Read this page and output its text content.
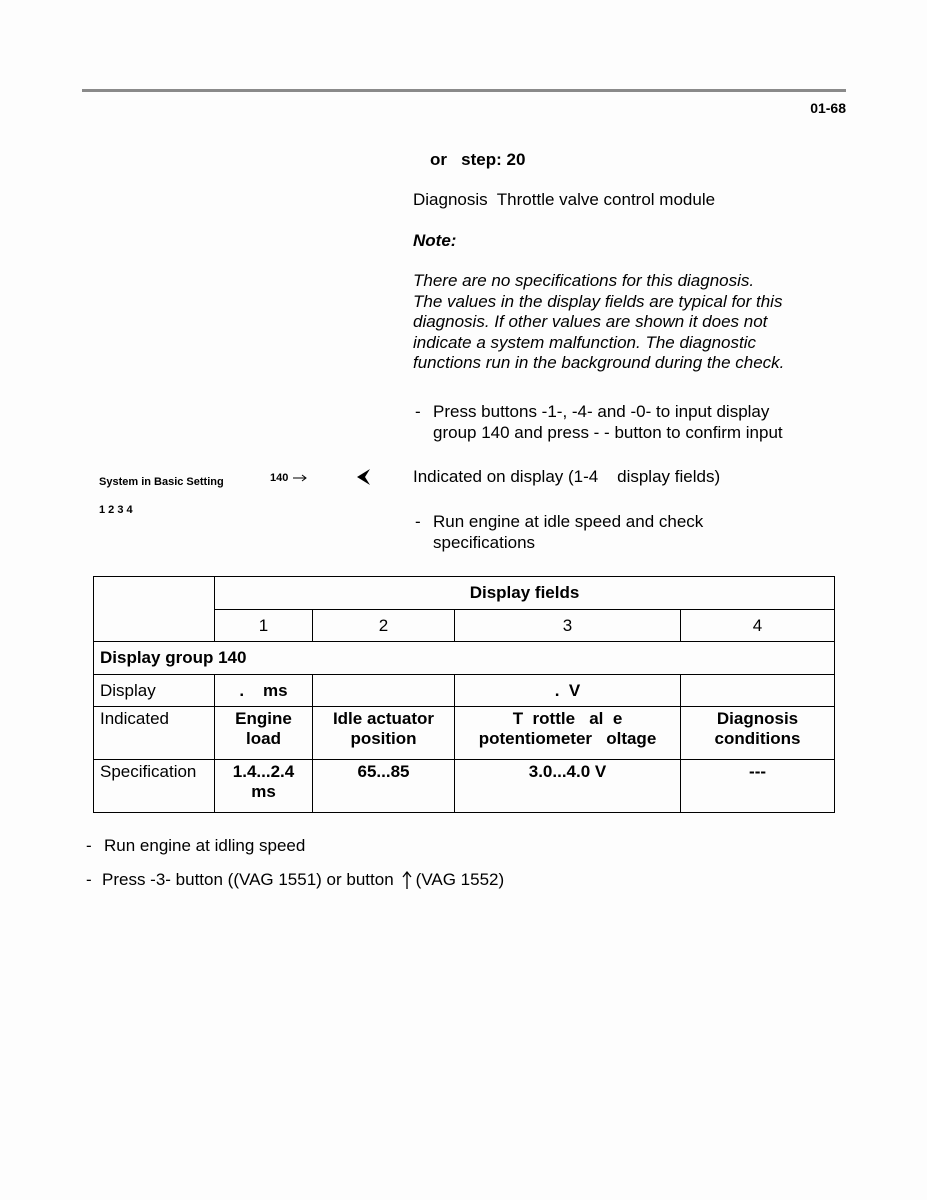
01-68
or   step: 20
Diagnosis  Throttle valve control module
Note:
There are no specifications for this diagnosis.
The values in the display fields are typical for this
diagnosis. If other values are shown it does not
indicate a system malfunction. The diagnostic
functions run in the background during the check.
- Press buttons -1-, -4- and -0- to input display
group 140 and press - - button to confirm input
System in Basic Setting	140
1 2 3 4
Indicated on display (1-4    display fields)
- Run engine at idle speed and check
specifications
	Display fields			
	1	2	3	4
Display group 140				
Display	.    ms		.  V	
Indicated	Engine load	Idle actuator position	T  rottle   al  e potentiometer   oltage	Diagnosis conditions
Specification	1.4...2.4 ms	65...85	3.0...4.0 V	---
- Run engine at idling speed
- Press -3- button ((VAG 1551) or button (VAG 1552)
